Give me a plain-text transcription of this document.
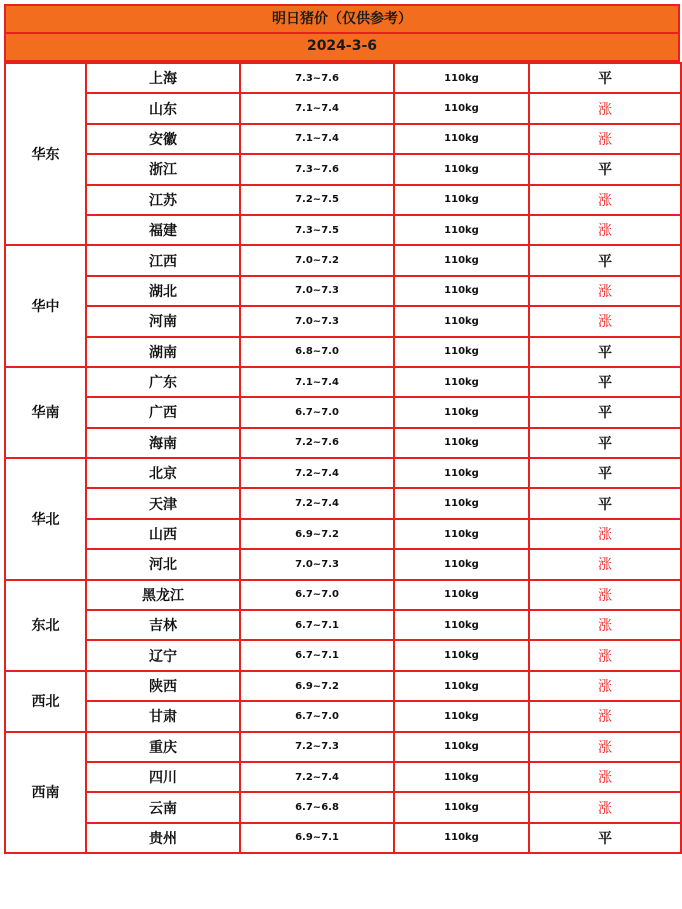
明日猪价（仅供参考）
2024-3-6
华东	上海	7.3~7.6	110kg	平
	山东	7.1~7.4	110kg	涨
	安徽	7.1~7.4	110kg	涨
	浙江	7.3~7.6	110kg	平
	江苏	7.2~7.5	110kg	涨
	福建	7.3~7.5	110kg	涨
华中	江西	7.0~7.2	110kg	平
	湖北	7.0~7.3	110kg	涨
	河南	7.0~7.3	110kg	涨
	湖南	6.8~7.0	110kg	平
华南	广东	7.1~7.4	110kg	平
	广西	6.7~7.0	110kg	平
	海南	7.2~7.6	110kg	平
华北	北京	7.2~7.4	110kg	平
	天津	7.2~7.4	110kg	平
	山西	6.9~7.2	110kg	涨
	河北	7.0~7.3	110kg	涨
东北	黑龙江	6.7~7.0	110kg	涨
	吉林	6.7~7.1	110kg	涨
	辽宁	6.7~7.1	110kg	涨
西北	陕西	6.9~7.2	110kg	涨
	甘肃	6.7~7.0	110kg	涨
西南	重庆	7.2~7.3	110kg	涨
	四川	7.2~7.4	110kg	涨
	云南	6.7~6.8	110kg	涨
	贵州	6.9~7.1	110kg	平
